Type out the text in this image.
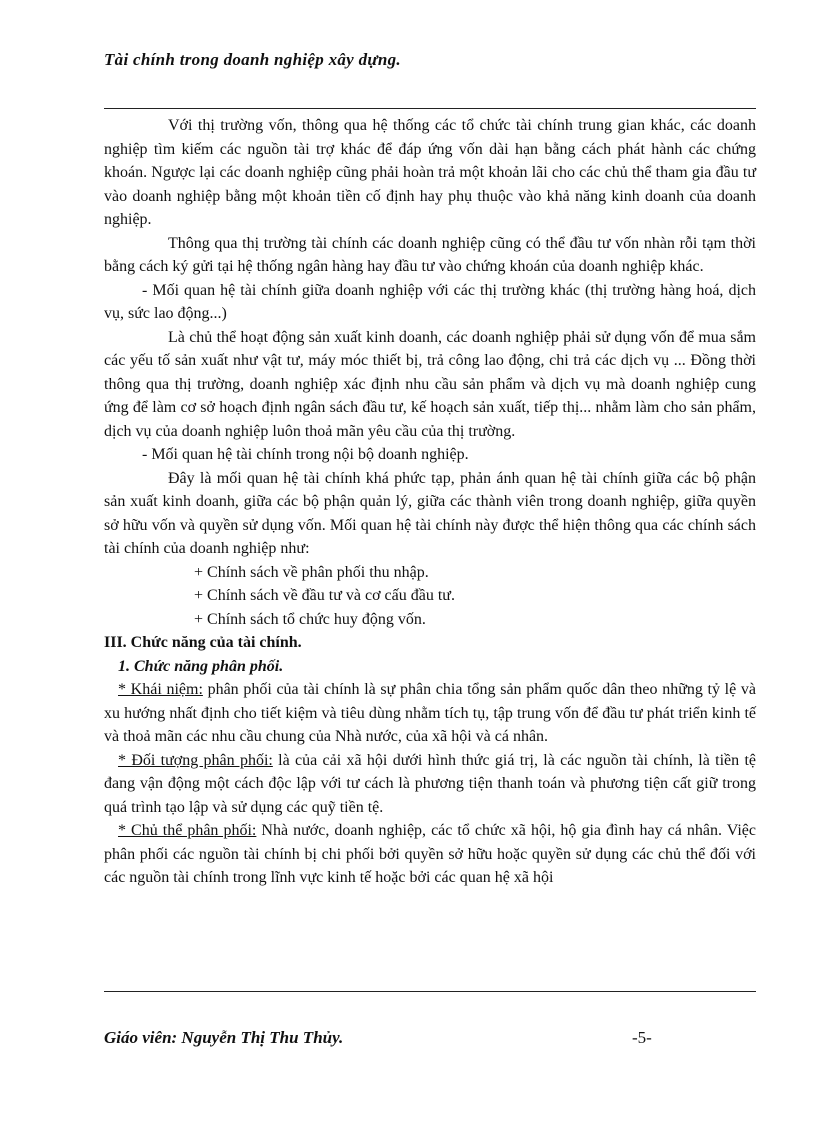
Tài chính trong doanh nghiệp xây dựng.

Với thị trường vốn, thông qua hệ thống các tổ chức tài chính trung gian khác, các doanh nghiệp tìm kiếm các nguồn tài trợ khác để đáp ứng vốn dài hạn bằng cách phát hành các chứng khoán. Ngược lại các doanh nghiệp cũng phải hoàn trả một khoản lãi cho các chủ thể tham gia đầu tư vào doanh nghiệp bằng một khoản tiền cố định hay phụ thuộc vào khả năng kinh doanh của doanh nghiệp.

Thông qua thị trường tài chính các doanh nghiệp cũng có thể đầu tư vốn nhàn rỗi tạm thời bằng cách ký gửi tại hệ thống ngân hàng hay đầu tư vào chứng khoán của doanh nghiệp khác.

- Mối quan hệ tài chính giữa doanh nghiệp với các thị trường khác (thị trường hàng hoá, dịch vụ, sức lao động...)

Là chủ thể hoạt động sản xuất kinh doanh, các doanh nghiệp phải sử dụng vốn để mua sắm các yếu tố sản xuất như vật tư, máy móc thiết bị, trả công lao động, chi trả các dịch vụ ... Đồng thời thông qua thị trường, doanh nghiệp xác định nhu cầu sản phẩm và dịch vụ mà doanh nghiệp cung ứng để làm cơ sở hoạch định ngân sách đầu tư, kế hoạch sản xuất, tiếp thị... nhằm làm cho sản phẩm, dịch vụ của doanh nghiệp luôn thoả mãn yêu cầu của thị trường.

- Mối quan hệ tài chính trong nội bộ doanh nghiệp.

Đây là mối quan hệ tài chính khá phức tạp, phản ánh quan hệ tài chính giữa các bộ phận sản xuất kinh doanh, giữa các bộ phận quản lý, giữa các thành viên trong doanh nghiệp, giữa quyền sở hữu vốn và quyền sử dụng vốn. Mối quan hệ tài chính này được thể hiện thông qua các chính sách tài chính của doanh nghiệp như:

+ Chính sách về phân phối thu nhập.

+ Chính sách về đầu tư và cơ cấu đầu tư.

+ Chính sách tổ chức huy động vốn.

III. Chức năng của tài chính.

1. Chức năng phân phối.

* Khái niệm: phân phối của tài chính là sự phân chia tổng sản phẩm quốc dân theo những tỷ lệ và xu hướng nhất định cho tiết kiệm và tiêu dùng nhằm tích tụ, tập trung vốn để đầu tư phát triển kinh tế và thoả mãn các nhu cầu chung của Nhà nước, của xã hội và cá nhân.

* Đối tượng phân phối: là của cải xã hội dưới hình thức giá trị, là các nguồn tài chính, là tiền tệ đang vận động một cách độc lập với tư cách là phương tiện thanh toán và phương tiện cất giữ trong quá trình tạo lập và sử dụng các quỹ tiền tệ.

* Chủ thể phân phối: Nhà nước, doanh nghiệp, các tổ chức xã hội, hộ gia đình hay cá nhân. Việc phân phối các nguồn tài chính bị chi phối bởi quyền sở hữu hoặc quyền sử dụng các chủ thể đối với các nguồn tài chính trong lĩnh vực kinh tế hoặc bởi các quan hệ xã hội

Giáo viên: Nguyễn Thị Thu Thủy.	-5-
